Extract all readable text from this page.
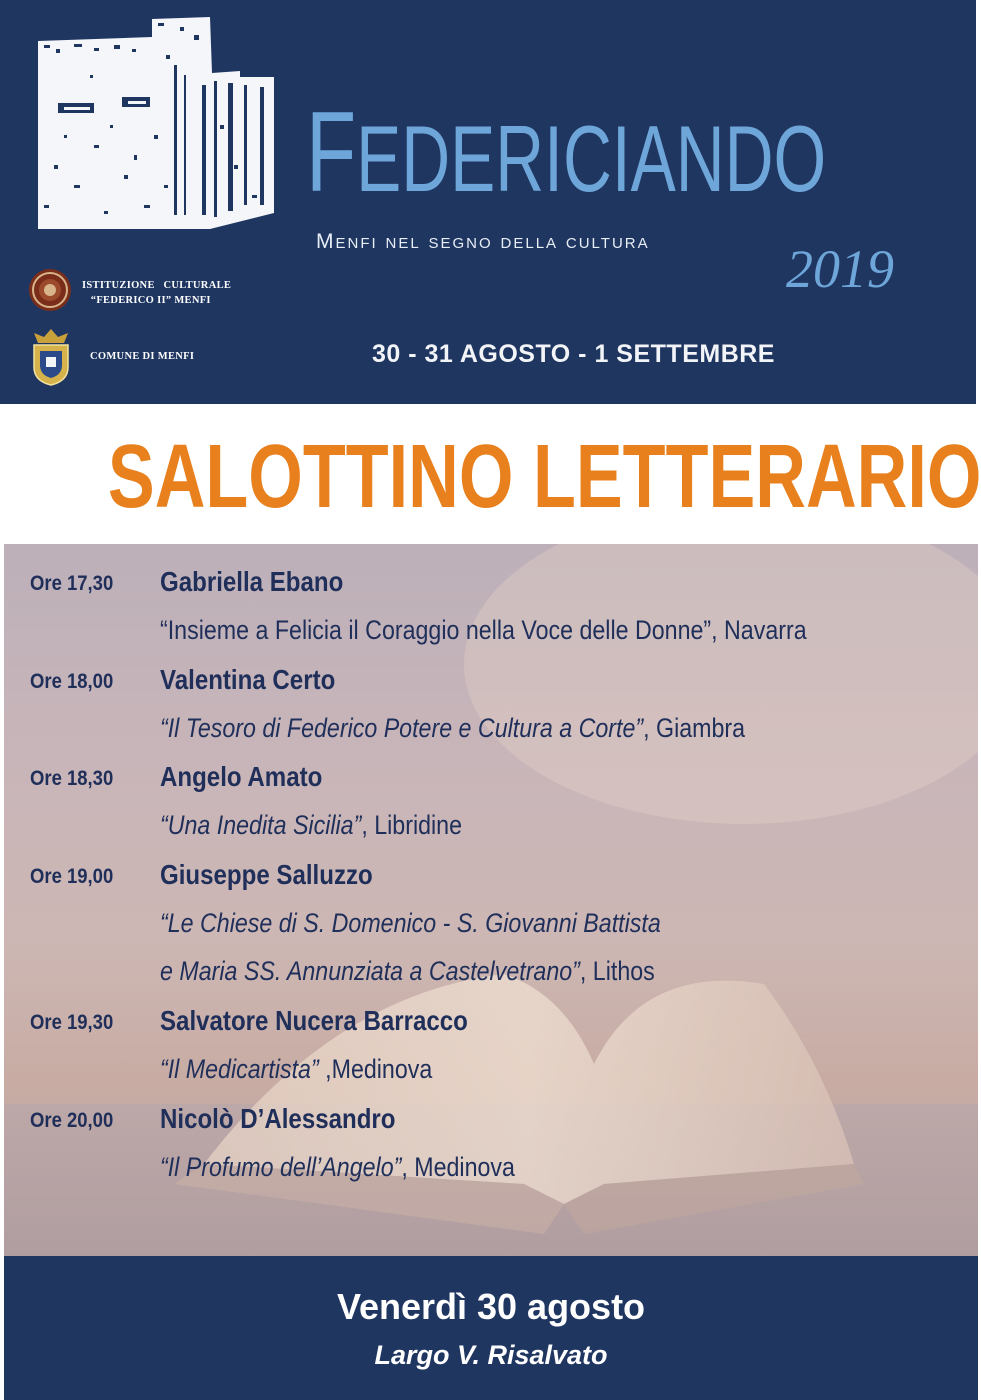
FEDERICIANDO
Menfi nel segno della cultura	2019
ISTITUZIONE   CULTURALE
“FEDERICO II” MENFI
COMUNE DI MENFI	30 - 31 AGOSTO - 1 SETTEMBRE
SALOTTINO LETTERARIO
Ore 17,30 Gabriella Ebano
“Insieme a Felicia il Coraggio nella Voce delle Donne”, Navarra
Ore 18,00 Valentina Certo
“Il Tesoro di Federico Potere e Cultura a Corte”, Giambra
Ore 18,30 Angelo Amato
“Una Inedita Sicilia”, Libridine
Ore 19,00 Giuseppe Salluzzo
“Le Chiese di S. Domenico - S. Giovanni Battista
e Maria SS. Annunziata a Castelvetrano”, Lithos
Ore 19,30 Salvatore Nucera Barracco
“Il Medicartista” ,Medinova
Ore 20,00 Nicolò D’Alessandro
“Il Profumo dell’Angelo”, Medinova
Venerdì 30 agosto
Largo V. Risalvato
